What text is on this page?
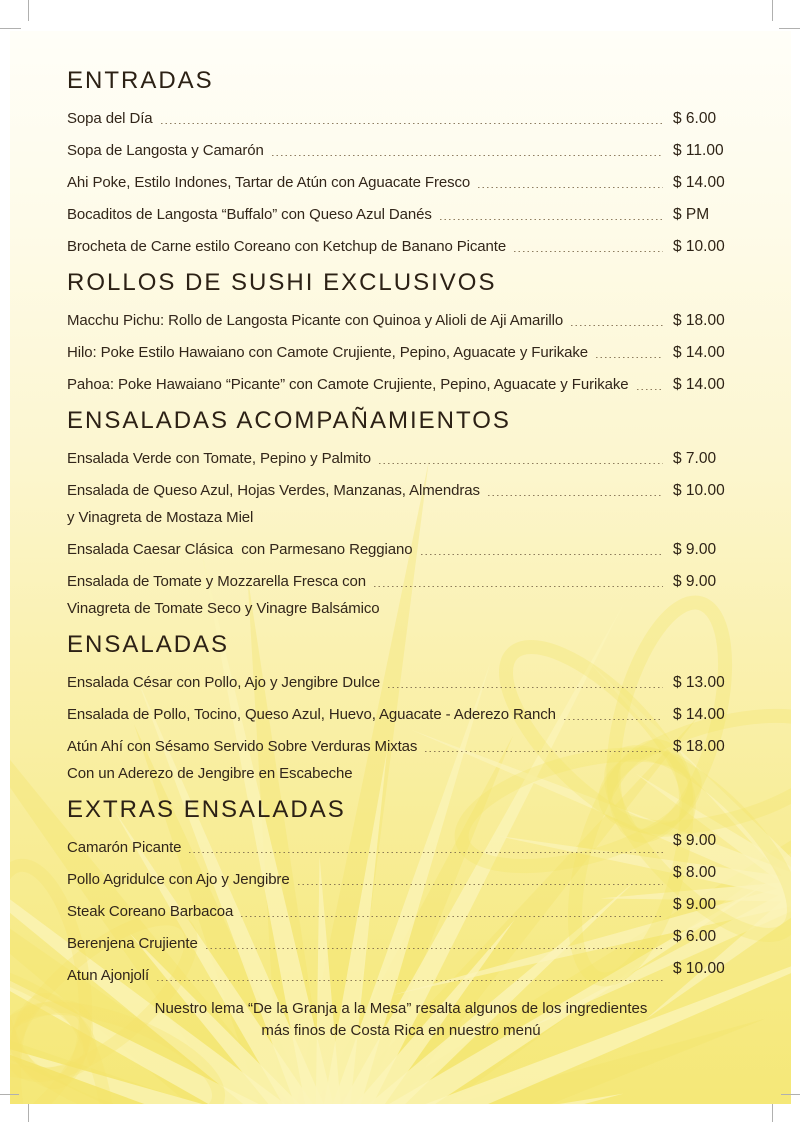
ENTRADAS
Sopa del Día	$ 6.00
Sopa de Langosta y Camarón	$ 11.00
Ahi Poke, Estilo Indones, Tartar de Atún con Aguacate Fresco	$ 14.00
Bocaditos de Langosta “Buffalo” con Queso Azul Danés	$ PM
Brocheta de Carne estilo Coreano con Ketchup de Banano Picante	$ 10.00
ROLLOS DE SUSHI EXCLUSIVOS
Macchu Pichu: Rollo de Langosta Picante con Quinoa y Alioli de Aji Amarillo	$ 18.00
Hilo: Poke Estilo Hawaiano con Camote Crujiente, Pepino, Aguacate y Furikake	$ 14.00
Pahoa: Poke Hawaiano “Picante” con Camote Crujiente, Pepino, Aguacate y Furikake	$ 14.00
ENSALADAS ACOMPAÑAMIENTOS
Ensalada Verde con Tomate, Pepino y Palmito	$ 7.00
Ensalada de Queso Azul, Hojas Verdes, Manzanas, Almendras	$ 10.00
y Vinagreta de Mostaza Miel
Ensalada Caesar Clásica  con Parmesano Reggiano	$ 9.00
Ensalada de Tomate y Mozzarella Fresca con	$ 9.00
Vinagreta de Tomate Seco y Vinagre Balsámico
ENSALADAS
Ensalada César con Pollo, Ajo y Jengibre Dulce	$ 13.00
Ensalada de Pollo, Tocino, Queso Azul, Huevo, Aguacate - Aderezo Ranch	$ 14.00
Atún Ahí con Sésamo Servido Sobre Verduras Mixtas	$ 18.00
Con un Aderezo de Jengibre en Escabeche
EXTRAS ENSALADAS
Camarón Picante	$ 9.00
Pollo Agridulce con Ajo y Jengibre	$ 8.00
Steak Coreano Barbacoa	$ 9.00
Berenjena Crujiente	$ 6.00
Atun Ajonjolí	$ 10.00
Nuestro lema “De la Granja a la Mesa” resalta algunos de los ingredientes
más finos de Costa Rica en nuestro menú
